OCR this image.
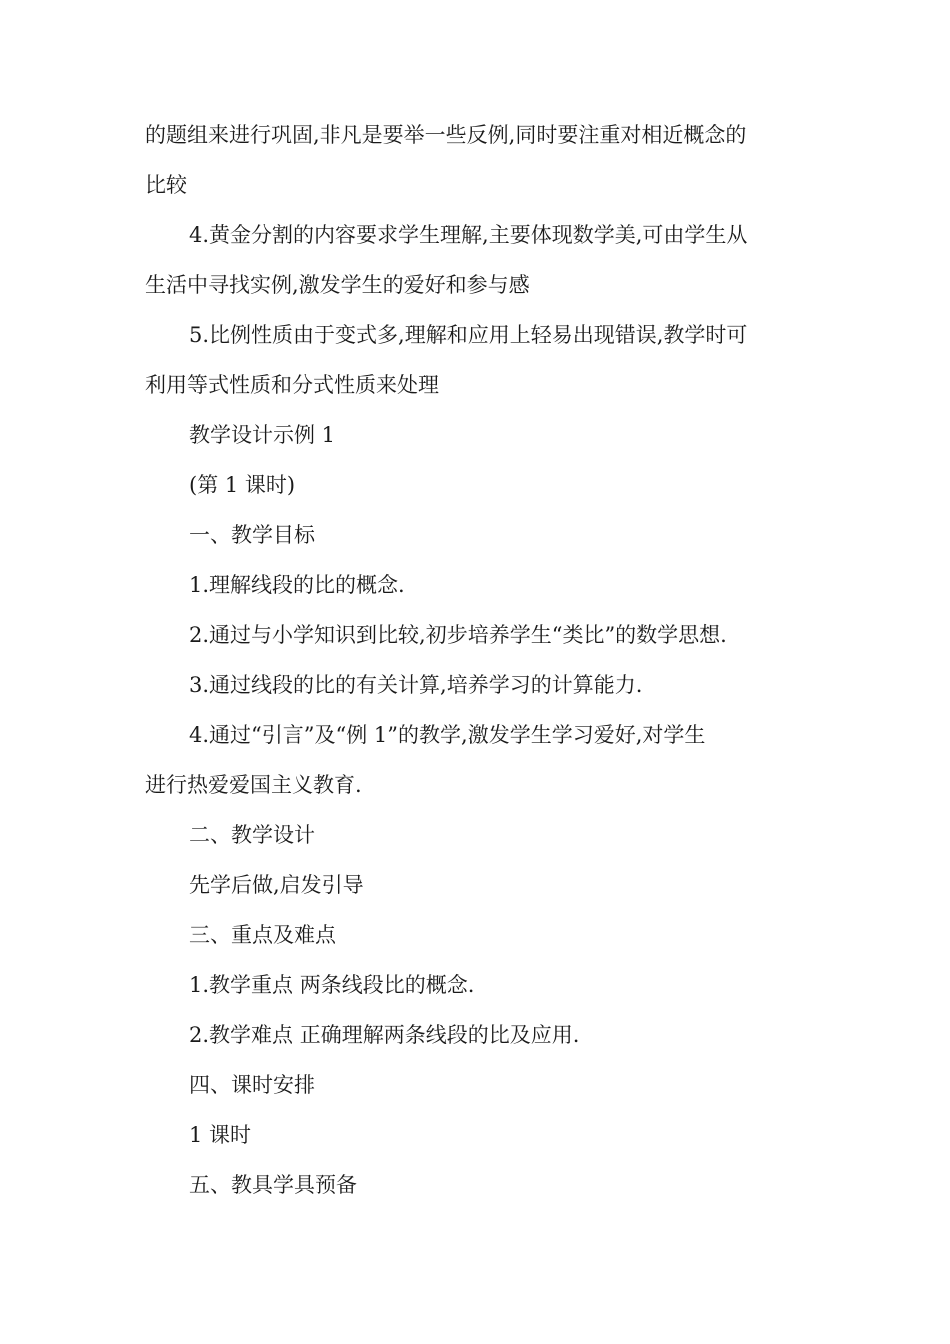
的题组来进行巩固,非凡是要举一些反例,同时要注重对相近概念的
比较
4.黄金分割的内容要求学生理解,主要体现数学美,可由学生从
生活中寻找实例,激发学生的爱好和参与感
5.比例性质由于变式多,理解和应用上轻易出现错误,教学时可
利用等式性质和分式性质来处理
教学设计示例 1
(第 1 课时)
一、教学目标
1.理解线段的比的概念.
2.通过与小学知识到比较,初步培养学生“类比”的数学思想.
3.通过线段的比的有关计算,培养学习的计算能力.
4.通过“引言”及“例 1”的教学,激发学生学习爱好,对学生
进行热爱爱国主义教育.
二、教学设计
先学后做,启发引导
三、重点及难点
1.教学重点 两条线段比的概念.
2.教学难点 正确理解两条线段的比及应用.
四、课时安排
1 课时
五、教具学具预备
